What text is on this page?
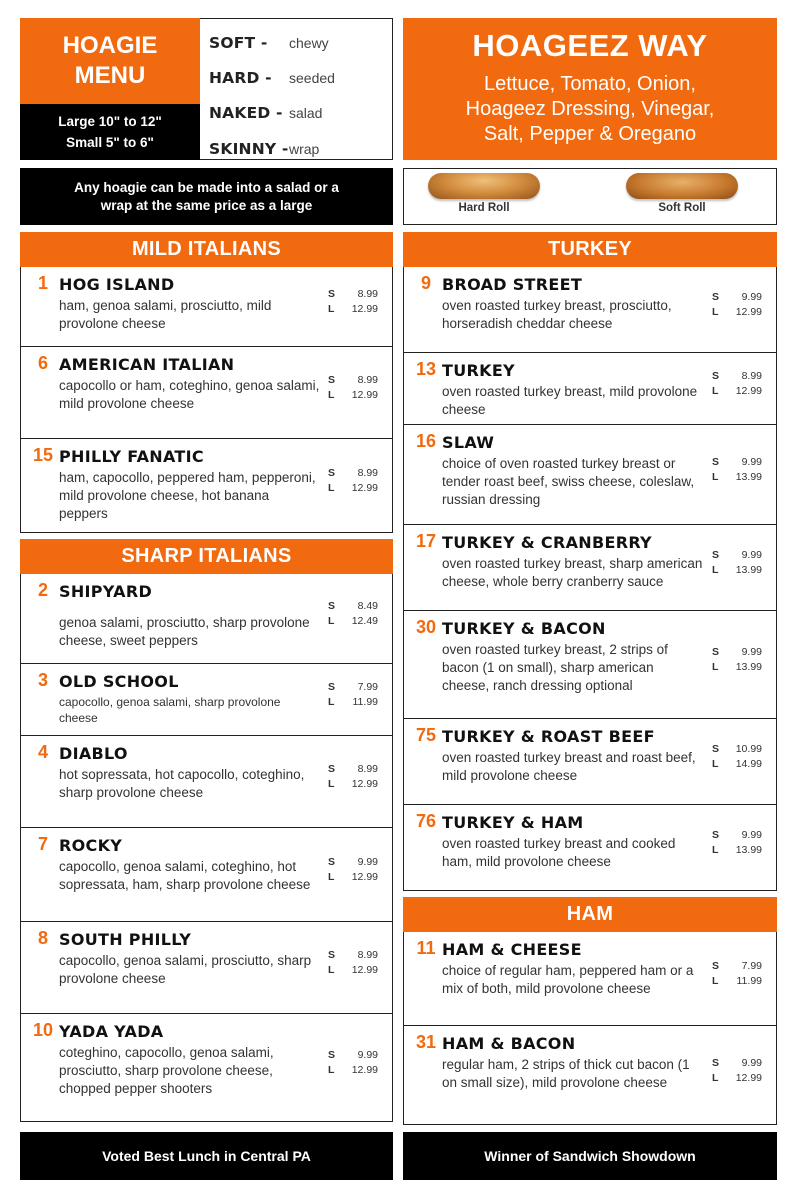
HOAGIE
MENU
Large 10" to 12"
Small 5" to 6"
SOFT -	chewy
HARD -	seeded
NAKED - salad
SKINNY - wrap
Any hoagie can be made into a salad or a
wrap at the same price as a large
HOAGEEZ WAY
Lettuce, Tomato, Onion,
Hoageez Dressing, Vinegar,
Salt, Pepper & Oregano
Hard Roll	Soft Roll
MILD ITALIANS
1 HOG ISLAND
ham, genoa salami, prosciutto, mild provolone cheese
S 8.99
L 12.99
6 AMERICAN ITALIAN
capocollo or ham, coteghino, genoa salami, mild provolone cheese
S 8.99
L 12.99
15 PHILLY FANATIC
ham, capocollo, peppered ham, pepperoni, mild provolone cheese, hot banana peppers
S 8.99
L 12.99
SHARP ITALIANS
2 SHIPYARD
genoa salami, prosciutto, sharp provolone cheese, sweet peppers
S 8.49
L 12.49
3 OLD SCHOOL
capocollo, genoa salami, sharp provolone cheese
S 7.99
L 11.99
4 DIABLO
hot sopressata, hot capocollo, coteghino, sharp provolone cheese
S 8.99
L 12.99
7 ROCKY
capocollo, genoa salami, coteghino, hot sopressata, ham, sharp provolone cheese
S 9.99
L 12.99
8 SOUTH PHILLY
capocollo, genoa salami, prosciutto, sharp provolone cheese
S 8.99
L 12.99
10 YADA YADA
coteghino, capocollo, genoa salami, prosciutto, sharp provolone cheese, chopped pepper shooters
S 9.99
L 12.99
TURKEY
9 BROAD STREET
oven roasted turkey breast, prosciutto, horseradish cheddar cheese
S 9.99
L 12.99
13 TURKEY
oven roasted turkey breast, mild provolone cheese
S 8.99
L 12.99
16 SLAW
choice of oven roasted turkey breast or tender roast beef, swiss cheese, coleslaw, russian dressing
S 9.99
L 13.99
17 TURKEY & CRANBERRY
oven roasted turkey breast, sharp american cheese, whole berry cranberry sauce
S 9.99
L 13.99
30 TURKEY & BACON
oven roasted turkey breast, 2 strips of bacon (1 on small), sharp american cheese, ranch dressing optional
S 9.99
L 13.99
75 TURKEY & ROAST BEEF
oven roasted turkey breast and roast beef, mild provolone cheese
S 10.99
L 14.99
76 TURKEY & HAM
oven roasted turkey breast and cooked ham, mild provolone cheese
S 9.99
L 13.99
HAM
11 HAM & CHEESE
choice of regular ham, peppered ham or a mix of both, mild provolone cheese
S 7.99
L 11.99
31 HAM & BACON
regular ham, 2 strips of thick cut bacon (1 on small size), mild provolone cheese
S 9.99
L 12.99
Voted Best Lunch in Central PA	Winner of Sandwich Showdown
